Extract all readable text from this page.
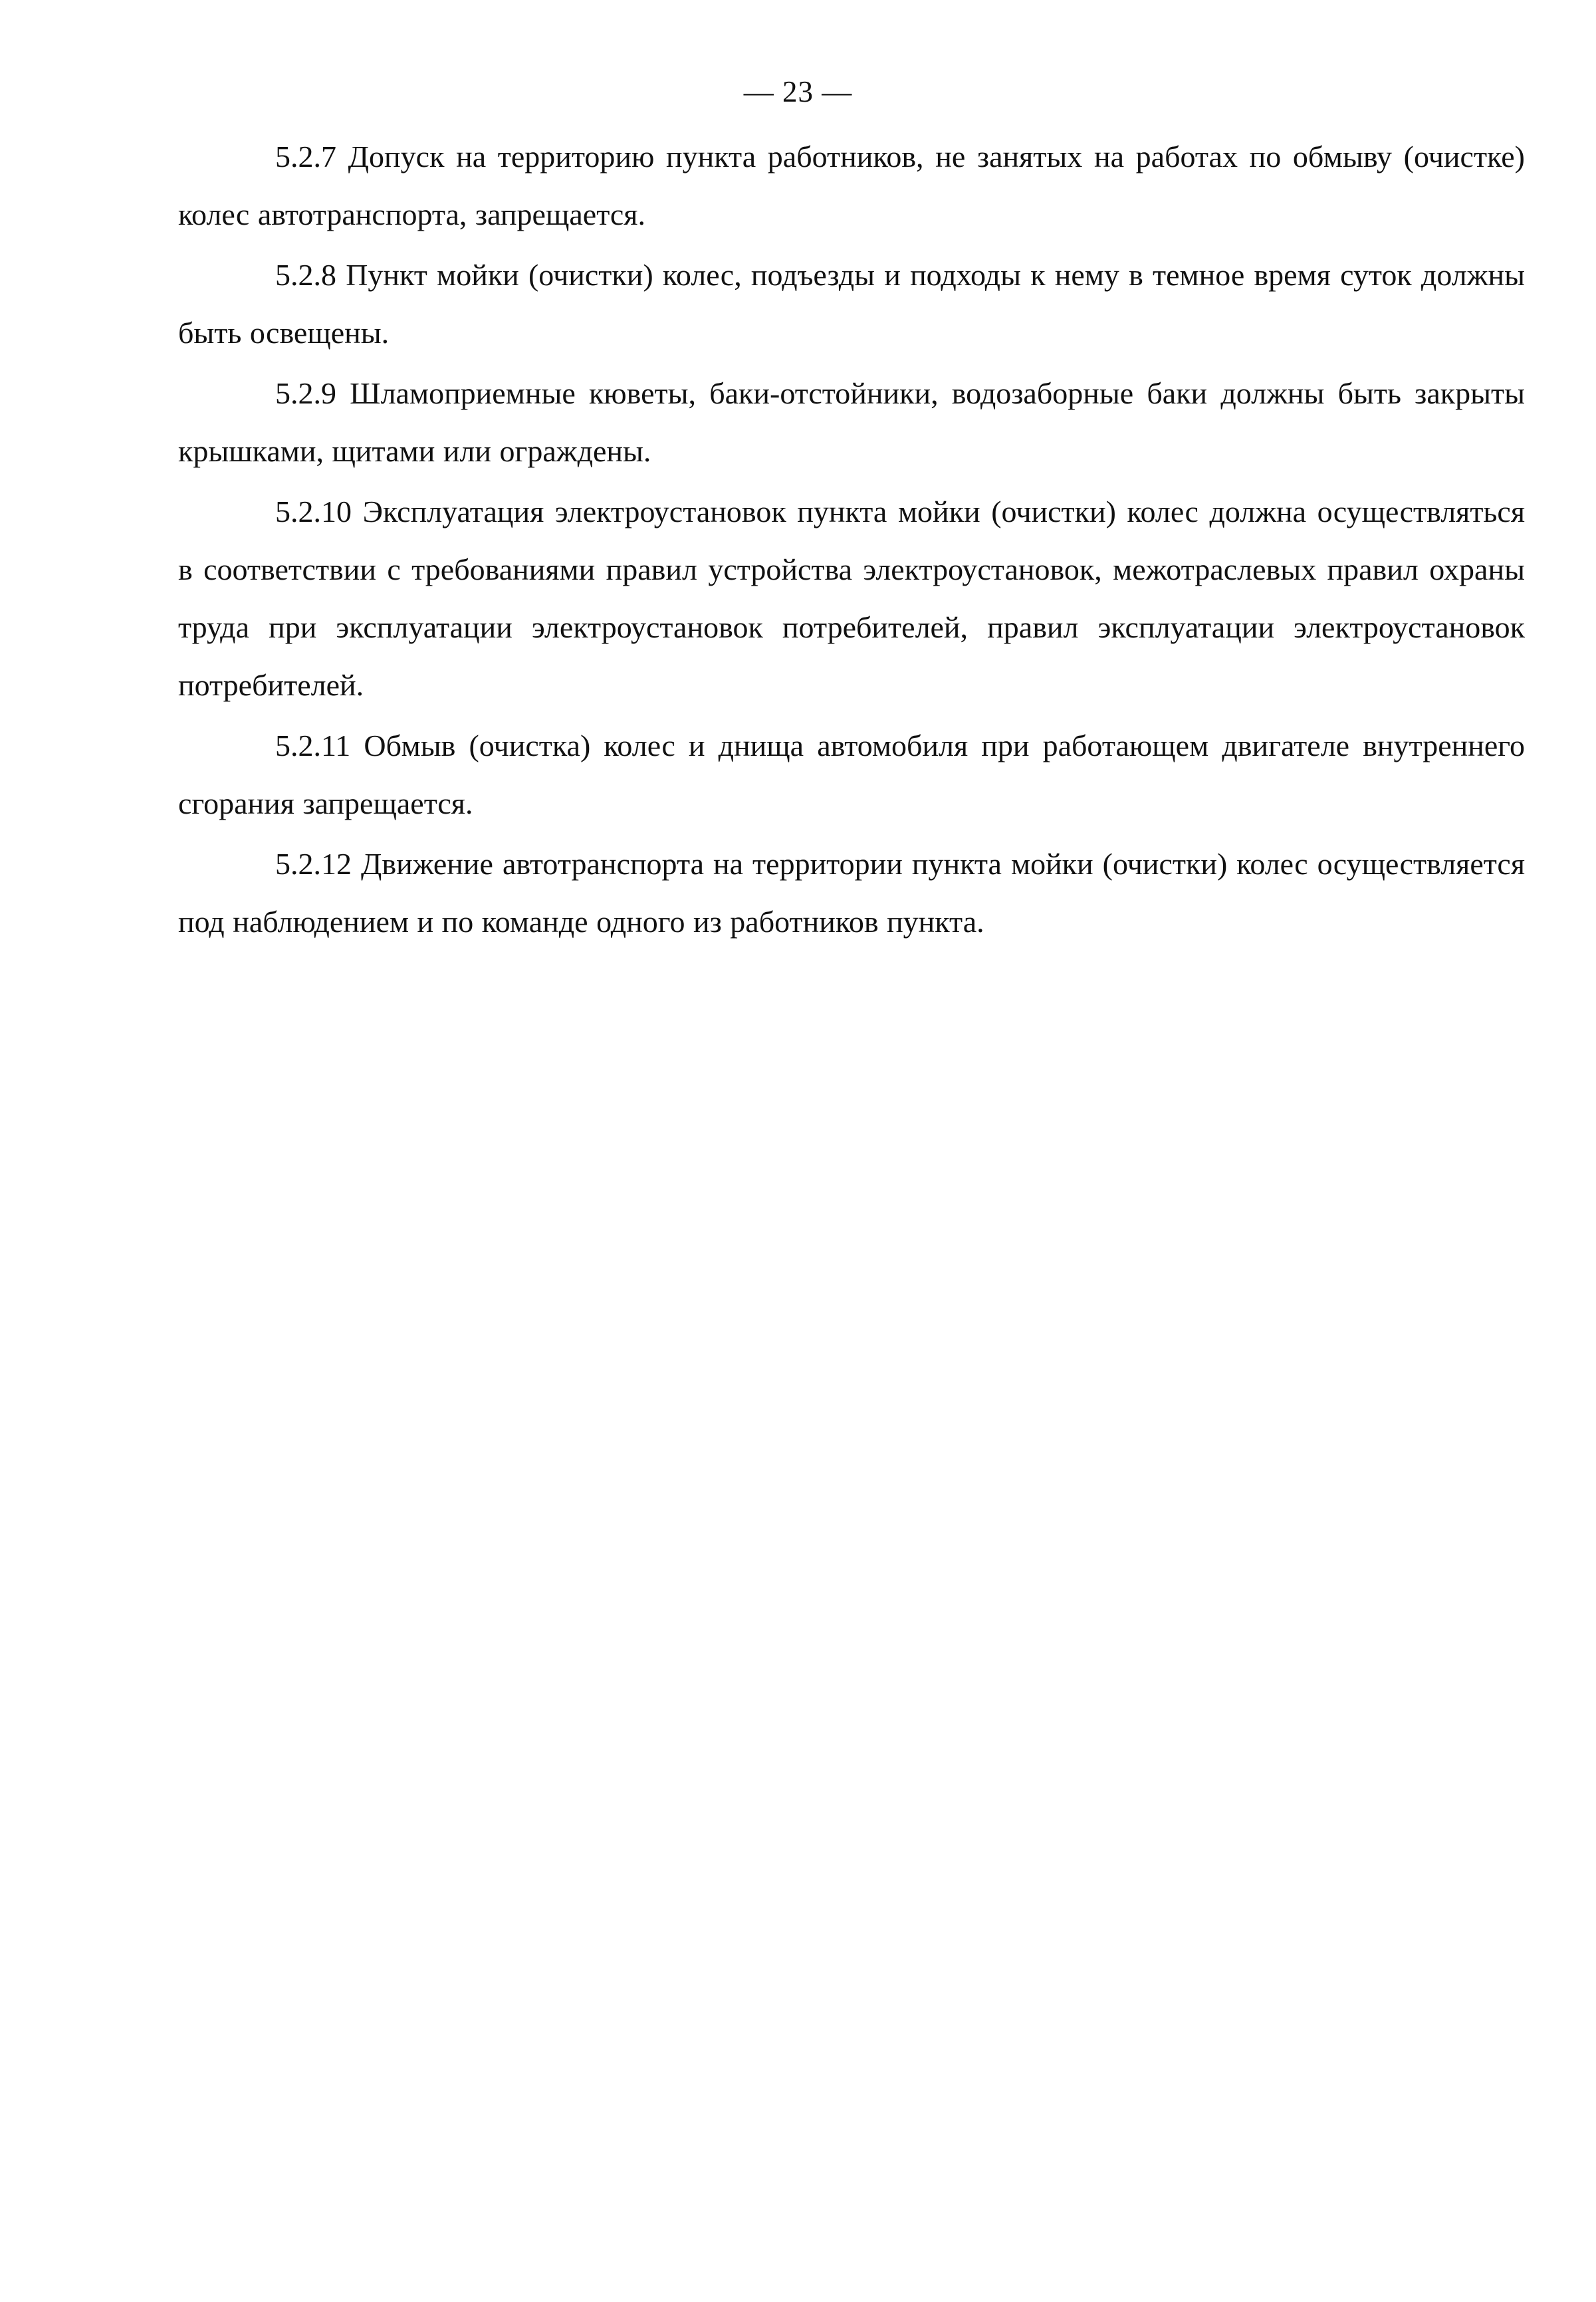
— 23 —

5.2.7 Допуск на территорию пункта работников, не занятых на работах по обмыву (очистке) колес автотранспорта, запрещается.

5.2.8 Пункт мойки (очистки) колес, подъезды и подходы к нему в темное время суток должны быть освещены.

5.2.9 Шламоприемные кюветы, баки-отстойники, водозаборные баки должны быть закрыты крышками, щитами или ограждены.

5.2.10 Эксплуатация электроустановок пункта мойки (очистки) колес должна осуществляться в соответствии с требованиями правил устройства электроустановок, межотраслевых правил охраны труда при эксплуатации электроустановок потребителей, правил эксплуатации электроустановок потребителей.

5.2.11 Обмыв (очистка) колес и днища автомобиля при работающем двигателе внутреннего сгорания запрещается.

5.2.12 Движение автотранспорта на территории пункта мойки (очистки) колес осуществляется под наблюдением и по команде одного из работников пункта.
